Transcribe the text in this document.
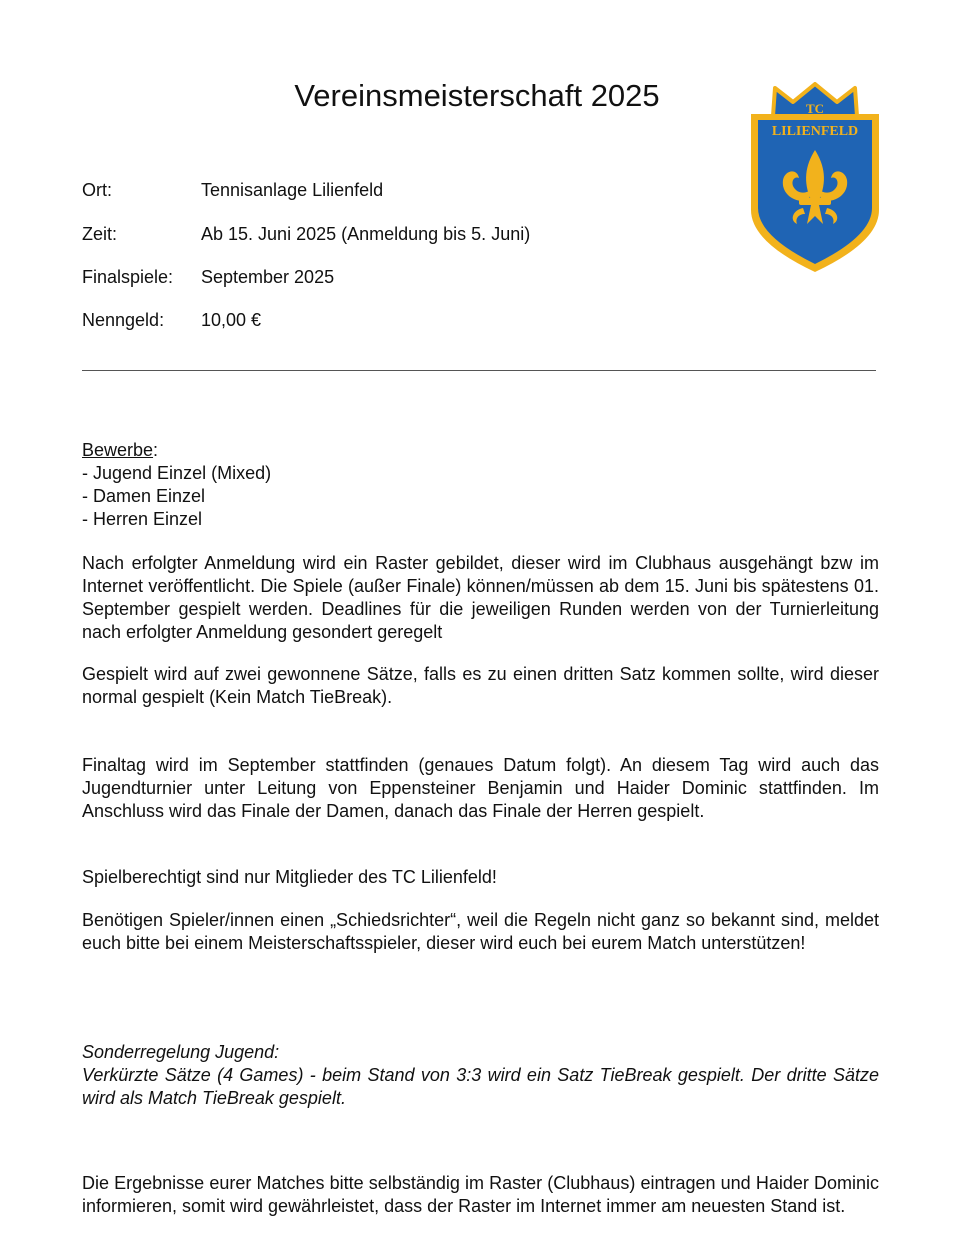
Vereinsmeisterschaft 2025	TC
LILIENFELD
Ort:	Tennisanlage Lilienfeld
Zeit:	Ab 15. Juni 2025 (Anmeldung bis 5. Juni)
Finalspiele: September 2025
Nenngeld: 10,00 €
Bewerbe:
- Jugend Einzel (Mixed)
- Damen Einzel
- Herren Einzel

Nach erfolgter Anmeldung wird ein Raster gebildet, dieser wird im Clubhaus ausgehängt bzw im Internet veröffentlicht. Die Spiele (außer Finale) können/müssen ab dem 15. Juni bis spätestens 01. September gespielt werden. Deadlines für die jeweiligen Runden werden von der Turnierleitung nach erfolgter Anmeldung gesondert geregelt

Gespielt wird auf zwei gewonnene Sätze, falls es zu einen dritten Satz kommen sollte, wird dieser normal gespielt (Kein Match TieBreak).

Finaltag wird im September stattfinden (genaues Datum folgt). An diesem Tag wird auch das Jugendturnier unter Leitung von Eppensteiner Benjamin und Haider Dominic stattfinden. Im Anschluss wird das Finale der Damen, danach das Finale der Herren gespielt.

Spielberechtigt sind nur Mitglieder des TC Lilienfeld!

Benötigen Spieler/innen einen „Schiedsrichter“, weil die Regeln nicht ganz so bekannt sind, meldet euch bitte bei einem Meisterschaftsspieler, dieser wird euch bei eurem Match unterstützen!

Sonderregelung Jugend:
Verkürzte Sätze (4 Games) - beim Stand von 3:3 wird ein Satz TieBreak gespielt. Der dritte Sätze wird als Match TieBreak gespielt.

Die Ergebnisse eurer Matches bitte selbständig im Raster (Clubhaus) eintragen und Haider Dominic informieren, somit wird gewährleistet, dass der Raster im Internet immer am neuesten Stand ist.
